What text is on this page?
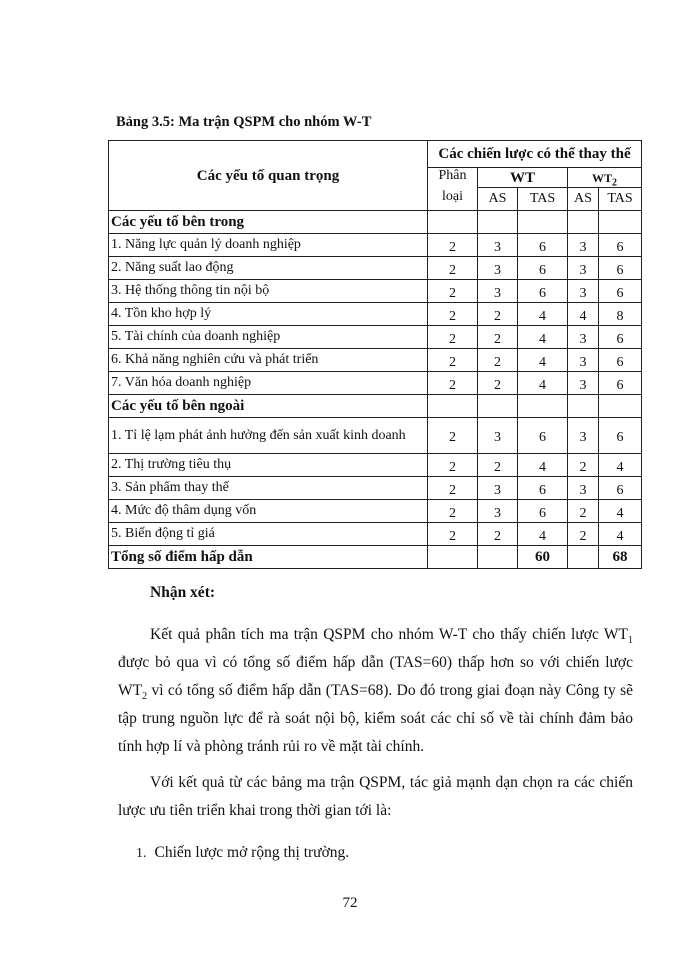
Bảng 3.5: Ma trận QSPM cho nhóm W-T
Các yếu tố quan trọng	Các chiến lược có thể thay thế				
	Phân
loại	WT		$WT_2$
		AS	TAS	AS	TAS
Các yếu tố bên trong					
1. Năng lực quản lý doanh nghiệp	2	3	6	3	6
2. Năng suất lao động	2	3	6	3	6
3. Hệ thống thông tin nội bộ	2	3	6	3	6
4. Tồn kho hợp lý	2	2	4	4	8
5. Tài chính của doanh nghiệp	2	2	4	3	6
6. Khả năng nghiên cứu và phát triển	2	2	4	3	6
7. Văn hóa doanh nghiệp	2	2	4	3	6
Các yếu tố bên ngoài					
1. Tỉ lệ lạm phát ảnh hưởng đến sản xuất kinh doanh	2	3	6	3	6
2. Thị trường tiêu thụ	2	2	4	2	4
3. Sản phẩm thay thế	2	3	6	3	6
4. Mức độ thâm dụng vốn	2	3	6	2	4
5. Biến động tỉ giá	2	2	4	2	4
Tổng số điểm hấp dẫn			60		68
Nhận xét:
Kết quả phân tích ma trận QSPM cho nhóm W-T cho thấy chiến lược $WT_1$ được bỏ qua vì có tổng số điểm hấp dẫn (TAS=60) thấp hơn so với chiến lược $WT_2$ vì có tổng số điểm hấp dẫn (TAS=68). Do đó trong giai đoạn này Công ty sẽ tập trung nguồn lực để rà soát nội bộ, kiểm soát các chỉ số về tài chính đảm bảo tính hợp lí và phòng tránh rủi ro về mặt tài chính.
Với kết quả từ các bảng ma trận QSPM, tác giả mạnh dạn chọn ra các chiến lược ưu tiên triển khai trong thời gian tới là:
1. Chiến lược mở rộng thị trường.
72
